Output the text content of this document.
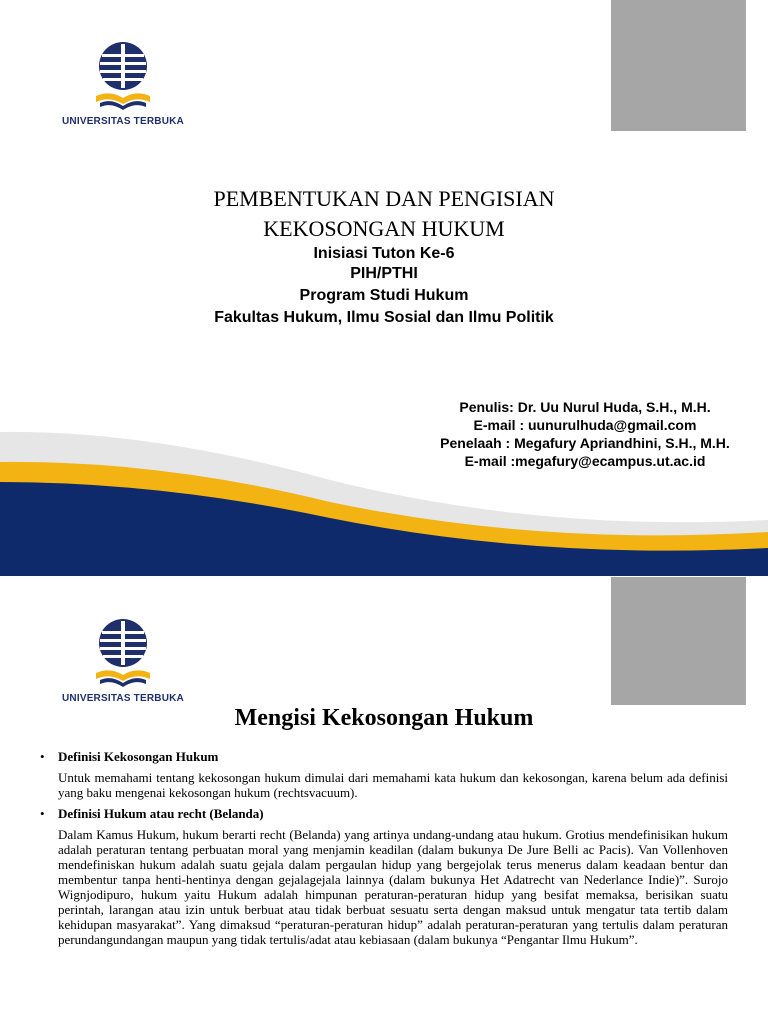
UNIVERSITAS TERBUKA
PEMBENTUKAN DAN PENGISIAN
KEKOSONGAN HUKUM
Inisiasi Tuton Ke-6
PIH/PTHI
Program Studi Hukum
Fakultas Hukum, Ilmu Sosial dan Ilmu Politik
Penulis: Dr. Uu Nurul Huda, S.H., M.H.
E-mail : uunurulhuda@gmail.com
Penelaah : Megafury Apriandhini, S.H., M.H.
E-mail :megafury@ecampus.ut.ac.id
UNIVERSITAS TERBUKA
Mengisi Kekosongan Hukum
•	Definisi Kekosongan Hukum
Untuk memahami tentang kekosongan hukum dimulai dari memahami kata hukum dan kekosongan, karena belum ada definisi yang baku mengenai kekosongan hukum (rechtsvacuum).
•	Definisi Hukum atau recht (Belanda)
Dalam Kamus Hukum, hukum berarti recht (Belanda) yang artinya undang-undang atau hukum. Grotius mendefinisikan hukum adalah peraturan tentang perbuatan moral yang menjamin keadilan (dalam bukunya De Jure Belli ac Pacis). Van Vollenhoven mendefiniskan hukum adalah suatu gejala dalam pergaulan hidup yang bergejolak terus menerus dalam keadaan bentur dan membentur tanpa henti-hentinya dengan gejalagejala lainnya (dalam bukunya Het Adatrecht van Nederlance Indie)”. Surojo Wignjodipuro, hukum yaitu Hukum adalah himpunan peraturan-peraturan hidup yang besifat memaksa, berisikan suatu perintah, larangan atau izin untuk berbuat atau tidak berbuat sesuatu serta dengan maksud untuk mengatur tata tertib dalam kehidupan masyarakat”. Yang dimaksud “peraturan-peraturan hidup” adalah peraturan-peraturan yang tertulis dalam peraturan perundangundangan maupun yang tidak tertulis/adat atau kebiasaan (dalam bukunya “Pengantar Ilmu Hukum”.
